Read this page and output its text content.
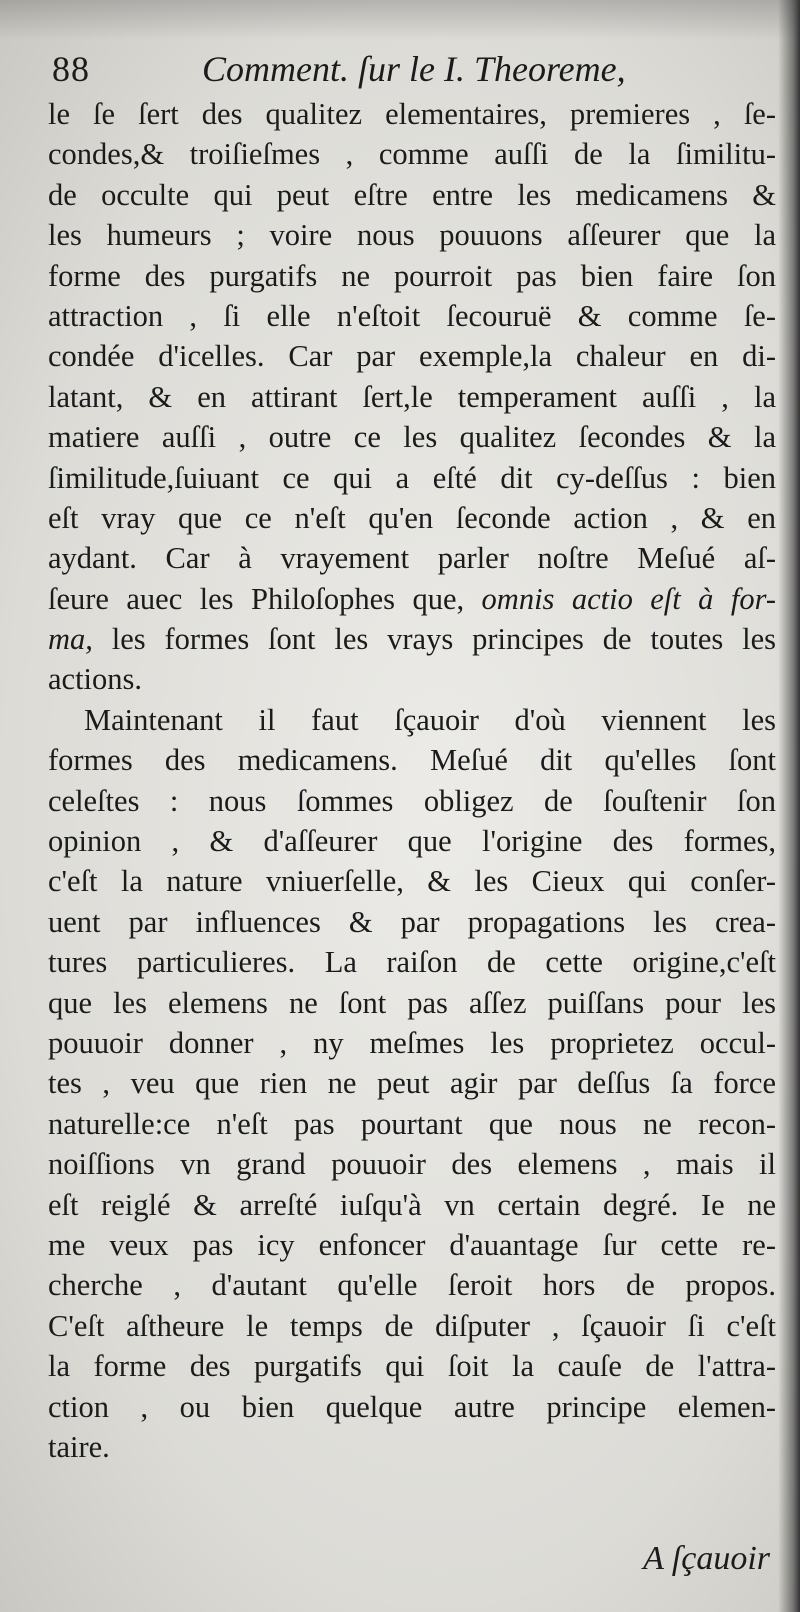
88	Comment. ſur le I. Theoreme,
le ſe ſert des qualitez elementaires, premieres , ſe-
condes,& troiſieſmes , comme auſſi de la ſimilitu-
de occulte qui peut eſtre entre les medicamens &
les humeurs ; voire nous pouuons aſſeurer que la
forme des purgatifs ne pourroit pas bien faire ſon
attraction , ſi elle n'eſtoit ſecouruë & comme ſe-
condée d'icelles. Car par exemple,la chaleur en di-
latant, & en attirant ſert,le temperament auſſi , la
matiere auſſi , outre ce les qualitez ſecondes & la
ſimilitude,ſuiuant ce qui a eſté dit cy-deſſus : bien
eſt vray que ce n'eſt qu'en ſeconde action , & en
aydant. Car à vrayement parler noſtre Meſué aſ-
ſeure auec les Philoſophes que, omnis actio eſt à for-
ma, les formes ſont les vrays principes de toutes les
actions.
Maintenant il faut ſçauoir d'où viennent les
formes des medicamens. Meſué dit qu'elles ſont
celeſtes : nous ſommes obligez de ſouſtenir ſon
opinion , & d'aſſeurer que l'origine des formes,
c'eſt la nature vniuerſelle, & les Cieux qui conſer-
uent par influences & par propagations les crea-
tures particulieres. La raiſon de cette origine,c'eſt
que les elemens ne ſont pas aſſez puiſſans pour les
pouuoir donner , ny meſmes les proprietez occul-
tes , veu que rien ne peut agir par deſſus ſa force
naturelle:ce n'eſt pas pourtant que nous ne recon-
noiſſions vn grand pouuoir des elemens , mais il
eſt reiglé & arreſté iuſqu'à vn certain degré. Ie ne
me veux pas icy enfoncer d'auantage ſur cette re-
cherche , d'autant qu'elle ſeroit hors de propos.
C'eſt aſtheure le temps de diſputer , ſçauoir ſi c'eſt
la forme des purgatifs qui ſoit la cauſe de l'attra-
ction , ou bien quelque autre principe elemen-
taire.
A ſçauoir
